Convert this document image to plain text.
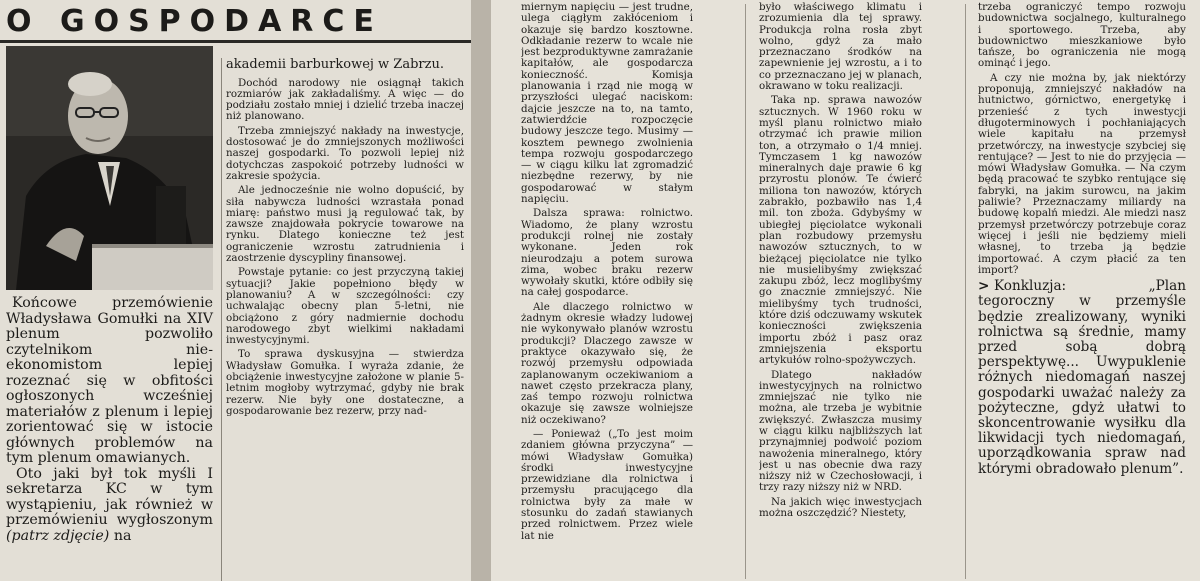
O GOSPODARCE

Końcowe przemówienie Władysława Gomułki na XIV plenum pozwoliło czytelnikom nie-ekonomistom lepiej rozeznać się w obfitości ogłoszonych wcześniej materiałów z plenum i lepiej zorientować się w istocie głównych problemów na tym plenum omawianych.

Oto jaki był tok myśli I sekretarza KC w tym wystąpieniu, jak również w przemówieniu wygłoszonym (patrz zdjęcie) na

akademii barburkowej w Zabrzu.

Dochód narodowy nie osiągnął takich rozmiarów jak zakładaliśmy. A więc — do podziału zostało mniej i dzielić trzeba inaczej niż planowano.

Trzeba zmniejszyć nakłady na inwestycje, dostosować je do zmniejszonych możliwości naszej gospodarki. To pozwoli lepiej niż dotychczas zaspokoić potrzeby ludności w zakresie spożycia.

Ale jednocześnie nie wolno dopuścić, by siła nabywcza ludności wzrastała ponad miarę: państwo musi ją regulować tak, by zawsze znajdowała pokrycie towarowe na rynku. Dlatego konieczne też jest ograniczenie wzrostu zatrudnienia i zaostrzenie dyscypliny finansowej.

Powstaje pytanie: co jest przyczyną takiej sytuacji? Jakie popełniono błędy w planowaniu? A w szczególności: czy uchwalając obecny plan 5-letni, nie obciążono z góry nadmiernie dochodu narodowego zbyt wielkimi nakładami inwestycyjnymi.

To sprawa dyskusyjna — stwierdza Władysław Gomułka. I wyraża zdanie, że obciążenie inwestycyjne założone w planie 5-letnim mogłoby wytrzymać, gdyby nie brak rezerw. Nie były one dostateczne, a gospodarowanie bez rezerw, przy nad-

miernym napięciu — jest trudne, ulega ciągłym zakłóceniom i okazuje się bardzo kosztowne. Odkładanie rezerw to wcale nie jest bezproduktywne zamrażanie kapitałów, ale gospodarcza konieczność. Komisja planowania i rząd nie mogą w przyszłości ulegać naciskom: dajcie jeszcze na to, na tamto, zatwierdźcie rozpoczęcie budowy jeszcze tego. Musimy — kosztem pewnego zwolnienia tempa rozwoju gospodarczego — w ciągu kilku lat zgromadzić niezbędne rezerwy, by nie gospodarować w stałym napięciu.

Dalsza sprawa: rolnictwo. Wiadomo, że plany wzrostu produkcji rolnej nie zostały wykonane. Jeden rok nieurodzaju a potem surowa zima, wobec braku rezerw wywołały skutki, które odbiły się na całej gospodarce.

Ale dlaczego rolnictwo w żadnym okresie władzy ludowej nie wykonywało planów wzrostu produkcji? Dlaczego zawsze w praktyce okazywało się, że rozwój przemysłu odpowiada zaplanowanym oczekiwaniom a nawet często przekracza plany, zaś tempo rozwoju rolnictwa okazuje się zawsze wolniejsze niż oczekiwano?

— Ponieważ („To jest moim zdaniem główna przyczyna” — mówi Władysław Gomułka) środki inwestycyjne przewidziane dla rolnictwa i przemysłu pracującego dla rolnictwa były za małe w stosunku do zadań stawianych przed rolnictwem. Przez wiele lat nie

było właściwego klimatu i zrozumienia dla tej sprawy. Produkcja rolna rosła zbyt wolno, gdyż za mało przeznaczano środków na zapewnienie jej wzrostu, a i to co przeznaczano jej w planach, okrawano w toku realizacji.

Taka np. sprawa nawozów sztucznych. W 1960 roku w myśl planu rolnictwo miało otrzymać ich prawie milion ton, a otrzymało o 1/4 mniej. Tymczasem 1 kg nawozów mineralnych daje prawie 6 kg przyrostu plonów. Te ćwierć miliona ton nawozów, których zabrakło, pozbawiło nas 1,4 mil. ton zboża. Gdybyśmy w ubiegłej pięciolatce wykonali plan rozbudowy przemysłu nawozów sztucznych, to w bieżącej pięciolatce nie tylko nie musielibyśmy zwiększać zakupu zbóż, lecz moglibyśmy go znacznie zmniejszyć. Nie mielibyśmy tych trudności, które dziś odczuwamy wskutek konieczności zwiększenia importu zbóż i pasz oraz zmniejszenia eksportu artykułów rolno-spożywczych.

Dlatego nakładów inwestycyjnych na rolnictwo zmniejszać nie tylko nie można, ale trzeba je wybitnie zwiększyć. Zwłaszcza musimy w ciągu kilku najbliższych lat przynajmniej podwoić poziom nawożenia mineralnego, który jest u nas obecnie dwa razy niższy niż w Czechosłowacji, i trzy razy niższy niż w NRD.

Na jakich więc inwestycjach można oszczędzić? Niestety,

trzeba ograniczyć tempo rozwoju budownictwa socjalnego, kulturalnego i sportowego. Trzeba, aby budownictwo mieszkaniowe było tańsze, bo ograniczenia nie mogą ominąć i jego.

A czy nie można by, jak niektórzy proponują, zmniejszyć nakładów na hutnictwo, górnictwo, energetykę i przenieść z tych inwestycji długoterminowych i pochłaniających wiele kapitału na przemysł przetwórczy, na inwestycje szybciej się rentujące? — Jest to nie do przyjęcia — mówi Władysław Gomułka. — Na czym będą pracować te szybko rentujące się fabryki, na jakim surowcu, na jakim paliwie? Przeznaczamy miliardy na budowę kopalń miedzi. Ale miedzi nasz przemysł przetwórczy potrzebuje coraz więcej i jeśli nie będziemy mieli własnej, to trzeba ją będzie importować. A czym płacić za ten import?

> Konkluzja: „Plan tegoroczny w przemyśle będzie zrealizowany, wyniki rolnictwa są średnie, mamy przed sobą dobrą perspektywę... Uwypuklenie różnych niedomagań naszej gospodarki uważać należy za pożyteczne, gdyż ułatwi to skoncentrowanie wysiłku dla likwidacji tych niedomagań, uporządkowania spraw nad którymi obradowało plenum”.
